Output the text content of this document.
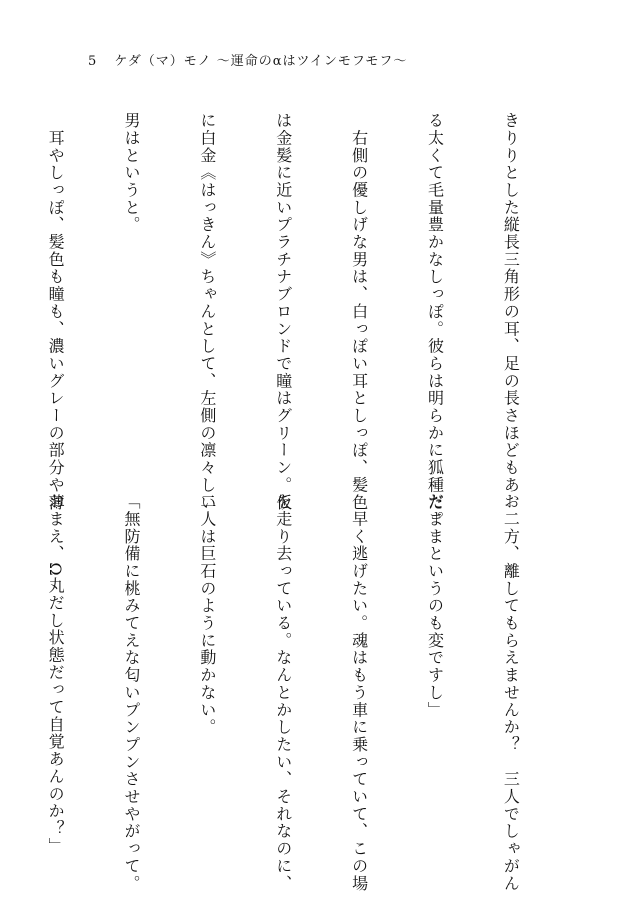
5 ケダ（マ）モノ 〜運命のαはツインモフモフ〜

きりりとした縦長三角形の耳、足の長さほどもあ

る太くて毛量豊かなしっぽ。彼らは明らかに狐種だ。

　右側の優しげな男は、白っぽい耳としっぽ、髪色

は金髪に近いプラチナブロンドで瞳はグリーン。仮

に白金《はっきん》ちゃんとして、左側の凛々しい

男はというと。

　耳やしっぽ、髪色も瞳も、濃いグレーの部分や薄

お二方、離してもらえませんか？　三人でしゃがん

だままというのも変ですし」

　早く逃げたい。魂はもう車に乗っていて、この場

を走り去っている。なんとかしたい、それなのに、

二人は巨石のように動かない。

「無防備に桃みてえな匂いプンプンさせやがって。

おまえ、Ω丸だし状態だって自覚あんのか？」
